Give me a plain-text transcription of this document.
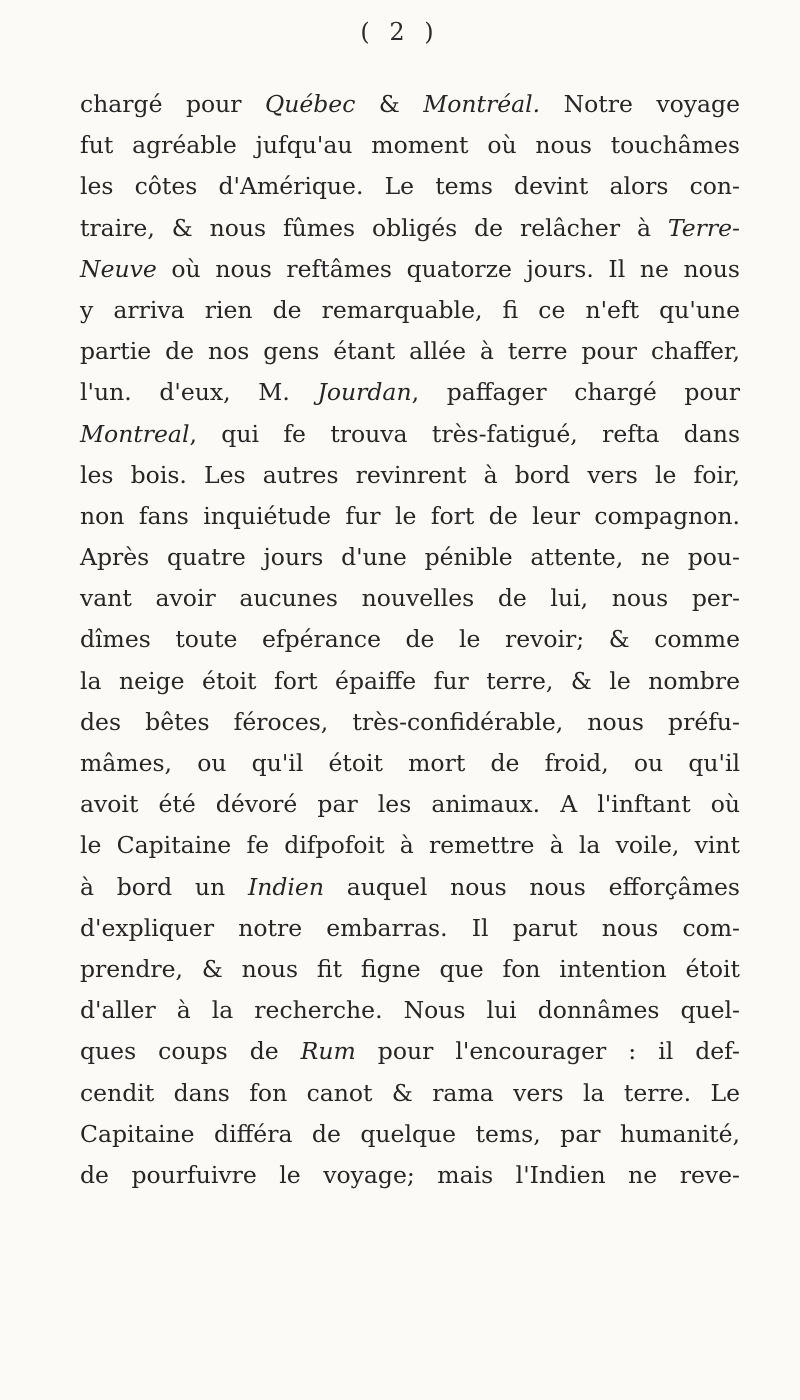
( 2 )
chargé pour Québec & Montréal. Notre voyage
fut agréable jufqu'au moment où nous touchâmes
les côtes d'Amérique. Le tems devint alors con-
traire, & nous fûmes obligés de relâcher à Terre-
Neuve où nous reftâmes quatorze jours. Il ne nous
y arriva rien de remarquable, fi ce n'eft qu'une
partie de nos gens étant allée à terre pour chaffer,
l'un. d'eux, M. Jourdan, paffager chargé pour
Montreal, qui fe trouva très-fatigué, refta dans
les bois. Les autres revinrent à bord vers le foir,
non fans inquiétude fur le fort de leur compagnon.
Après quatre jours d'une pénible attente, ne pou-
vant avoir aucunes nouvelles de lui, nous per-
dîmes toute efpérance de le revoir; & comme
la neige étoit fort épaiffe fur terre, & le nombre
des bêtes féroces, très-confidérable, nous préfu-
mâmes, ou qu'il étoit mort de froid, ou qu'il
avoit été dévoré par les animaux. A l'inftant où
le Capitaine fe difpofoit à remettre à la voile, vint
à bord un Indien auquel nous nous efforçâmes
d'expliquer notre embarras. Il parut nous com-
prendre, & nous fit figne que fon intention étoit
d'aller à la recherche. Nous lui donnâmes quel-
ques coups de Rum pour l'encourager : il def-
cendit dans fon canot & rama vers la terre. Le
Capitaine différa de quelque tems, par humanité,
de pourfuivre le voyage; mais l'Indien ne reve-
